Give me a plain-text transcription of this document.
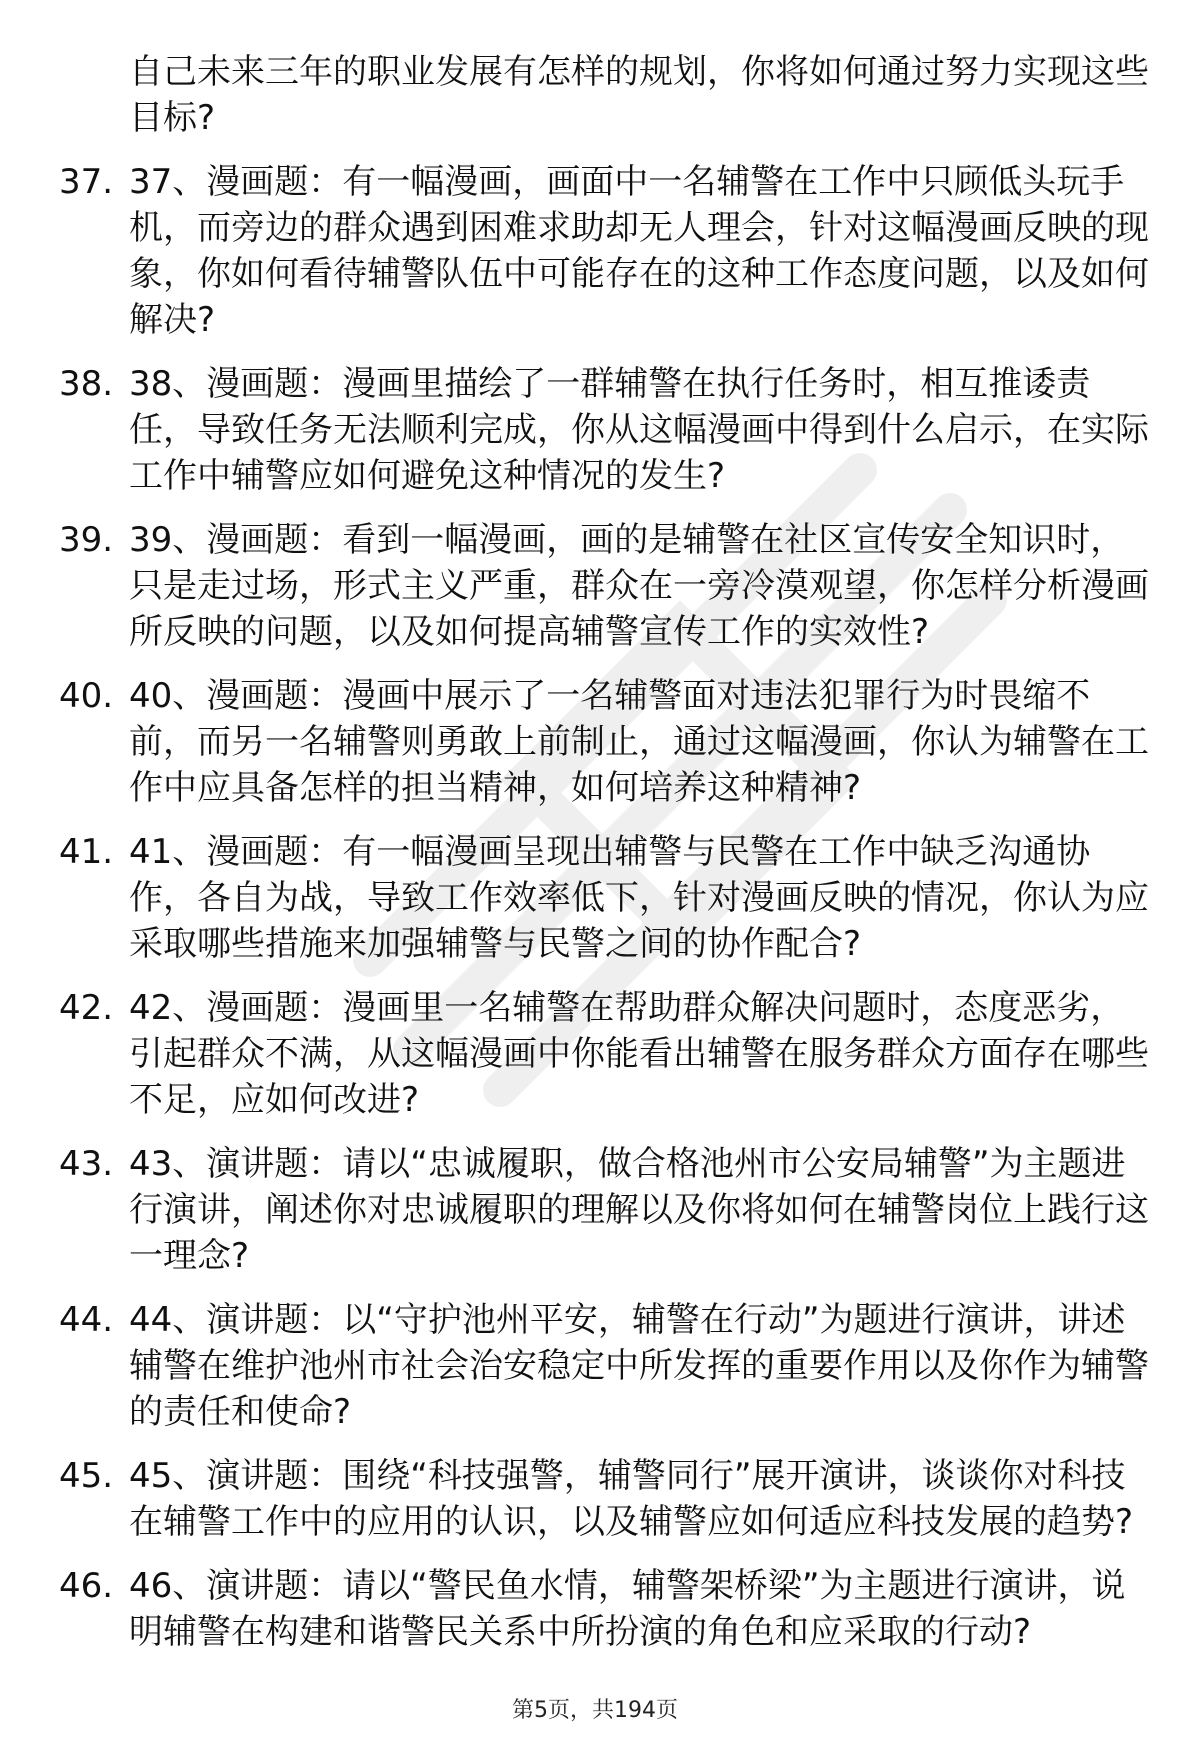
自己未来三年的职业发展有怎样的规划，你将如何通过努力实现这些目标?
37. 37、漫画题：有一幅漫画，画面中一名辅警在工作中只顾低头玩手机，而旁边的群众遇到困难求助却无人理会，针对这幅漫画反映的现象，你如何看待辅警队伍中可能存在的这种工作态度问题，以及如何解决?
38. 38、漫画题：漫画里描绘了一群辅警在执行任务时，相互推诿责任，导致任务无法顺利完成，你从这幅漫画中得到什么启示，在实际工作中辅警应如何避免这种情况的发生?
39. 39、漫画题：看到一幅漫画，画的是辅警在社区宣传安全知识时，只是走过场，形式主义严重，群众在一旁冷漠观望，你怎样分析漫画所反映的问题，以及如何提高辅警宣传工作的实效性?
40. 40、漫画题：漫画中展示了一名辅警面对违法犯罪行为时畏缩不前，而另一名辅警则勇敢上前制止，通过这幅漫画，你认为辅警在工作中应具备怎样的担当精神，如何培养这种精神?
41. 41、漫画题：有一幅漫画呈现出辅警与民警在工作中缺乏沟通协作，各自为战，导致工作效率低下，针对漫画反映的情况，你认为应采取哪些措施来加强辅警与民警之间的协作配合?
42. 42、漫画题：漫画里一名辅警在帮助群众解决问题时，态度恶劣，引起群众不满，从这幅漫画中你能看出辅警在服务群众方面存在哪些不足，应如何改进?
43. 43、演讲题：请以“忠诚履职，做合格池州市公安局辅警”为主题进行演讲，阐述你对忠诚履职的理解以及你将如何在辅警岗位上践行这一理念?
44. 44、演讲题：以“守护池州平安，辅警在行动”为题进行演讲，讲述辅警在维护池州市社会治安稳定中所发挥的重要作用以及你作为辅警的责任和使命?
45. 45、演讲题：围绕“科技强警，辅警同行”展开演讲，谈谈你对科技在辅警工作中的应用的认识，以及辅警应如何适应科技发展的趋势?
46. 46、演讲题：请以“警民鱼水情，辅警架桥梁”为主题进行演讲，说明辅警在构建和谐警民关系中所扮演的角色和应采取的行动?
第5页，共194页
